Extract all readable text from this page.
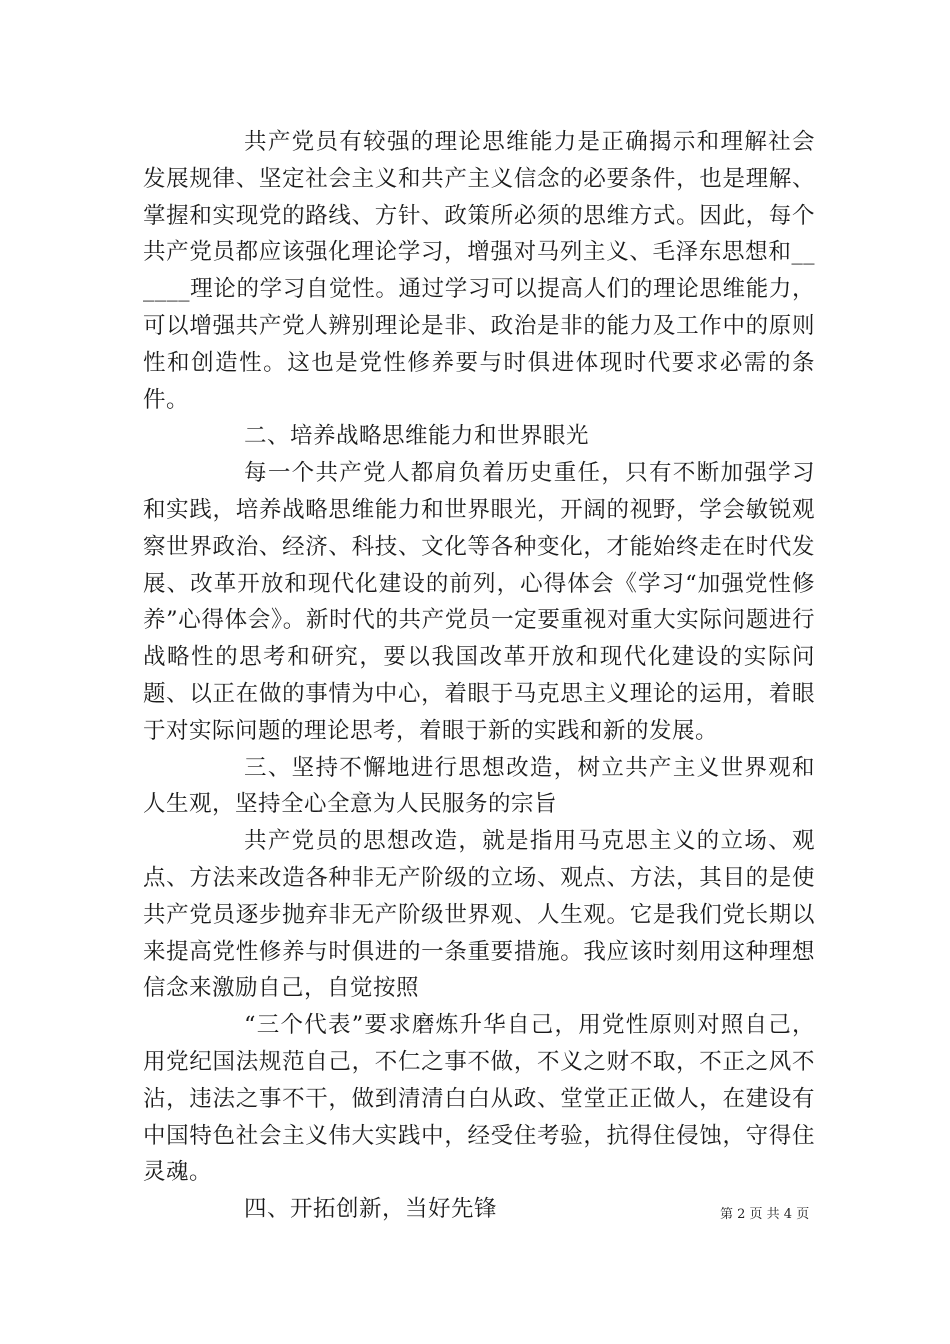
共产党员有较强的理论思维能力是正确揭示和理解社会发展规律、坚定社会主义和共产主义信念的必要条件，也是理解、掌握和实现党的路线、方针、政策所必须的思维方式。因此，每个共产党员都应该强化理论学习，增强对马列主义、毛泽东思想和______理论的学习自觉性。通过学习可以提高人们的理论思维能力，可以增强共产党人辨别理论是非、政治是非的能力及工作中的原则性和创造性。这也是党性修养要与时俱进体现时代要求必需的条件。

二、培养战略思维能力和世界眼光

每一个共产党人都肩负着历史重任，只有不断加强学习和实践，培养战略思维能力和世界眼光，开阔的视野，学会敏锐观察世界政治、经济、科技、文化等各种变化，才能始终走在时代发展、改革开放和现代化建设的前列，心得体会《学习“加强党性修养”心得体会》。新时代的共产党员一定要重视对重大实际问题进行战略性的思考和研究，要以我国改革开放和现代化建设的实际问题、以正在做的事情为中心，着眼于马克思主义理论的运用，着眼于对实际问题的理论思考，着眼于新的实践和新的发展。

三、坚持不懈地进行思想改造，树立共产主义世界观和人生观，坚持全心全意为人民服务的宗旨

共产党员的思想改造，就是指用马克思主义的立场、观点、方法来改造各种非无产阶级的立场、观点、方法，其目的是使共产党员逐步抛弃非无产阶级世界观、人生观。它是我们党长期以来提高党性修养与时俱进的一条重要措施。我应该时刻用这种理想信念来激励自己，自觉按照

“三个代表”要求磨炼升华自己，用党性原则对照自己，用党纪国法规范自己，不仁之事不做，不义之财不取，不正之风不沾，违法之事不干，做到清清白白从政、堂堂正正做人，在建设有中国特色社会主义伟大实践中，经受住考验，抗得住侵蚀，守得住灵魂。

四、开拓创新，当好先锋	第 2 页 共 4 页
